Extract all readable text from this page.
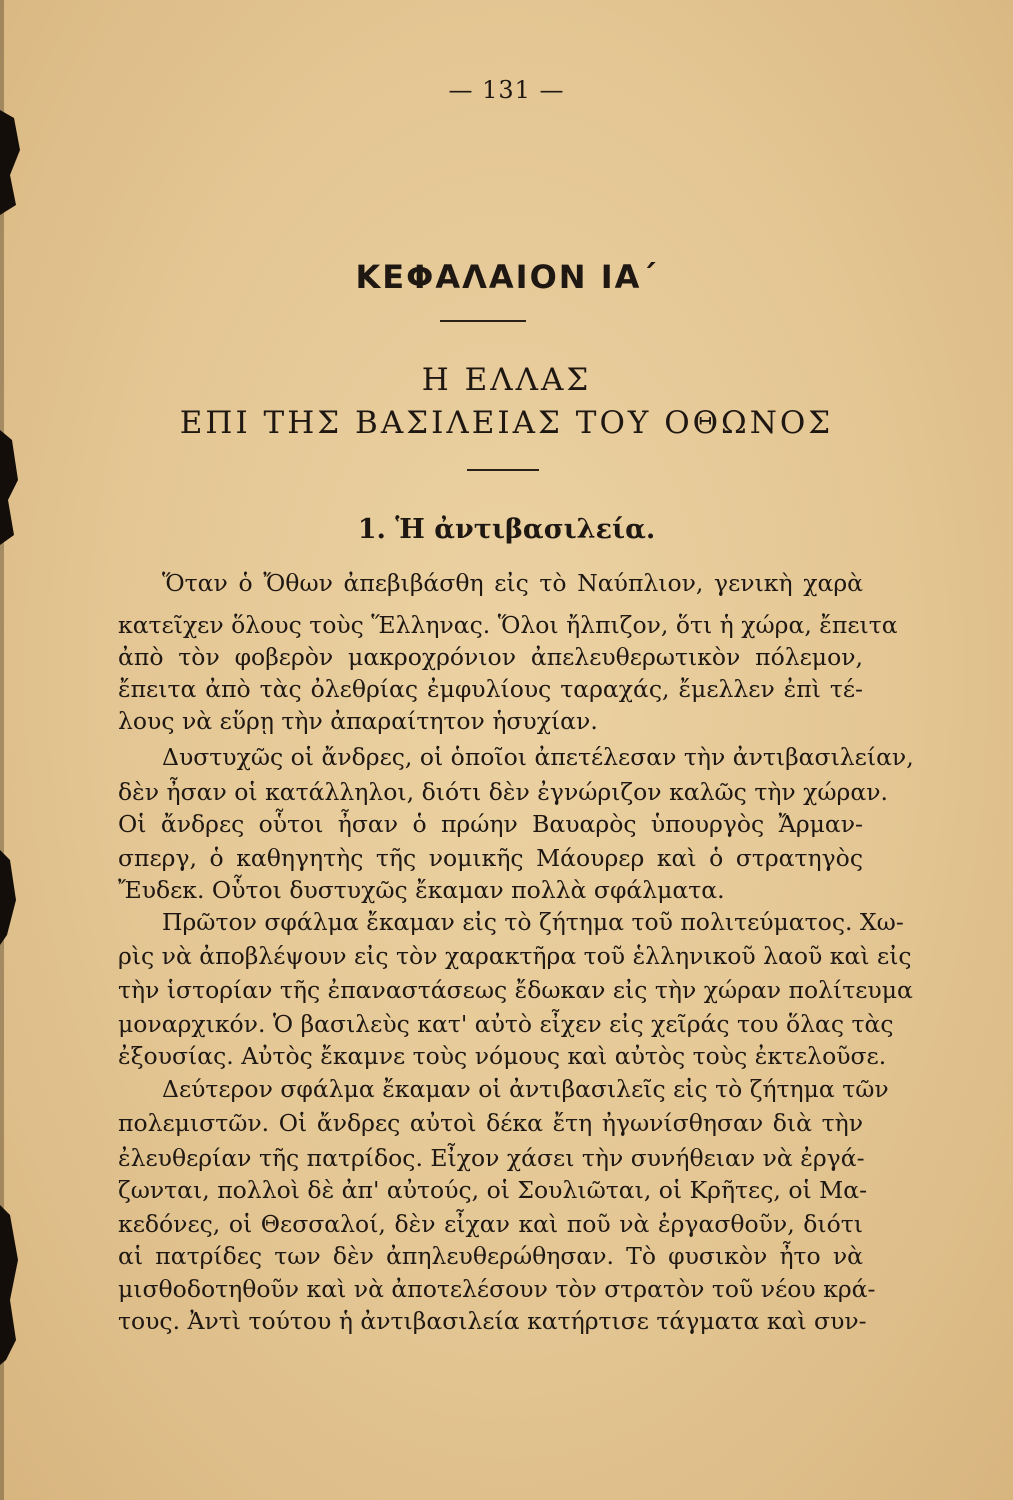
— 131 —
ΚΕΦΑΛΑΙΟΝ ΙΑ΄
Η ΕΛΛΑΣ
ΕΠΙ ΤΗΣ ΒΑΣΙΛΕΙΑΣ ΤΟΥ ΟΘΩΝΟΣ
1. Ἡ ἀντιβασιλεία.
Ὅταν ὁ Ὄθων ἀπεβιβάσθη εἰς τὸ Ναύπλιον, γενικὴ χαρὰ
κατεῖχεν ὅλους τοὺς Ἕλληνας. Ὅλοι ἤλπιζον, ὅτι ἡ χώρα, ἔπειτα
ἀπὸ τὸν φοβερὸν μακροχρόνιον ἀπελευθερωτικὸν πόλεμον,
ἔπειτα ἀπὸ τὰς ὀλεθρίας ἐμφυλίους ταραχάς, ἔμελλεν ἐπὶ τέ-
λους νὰ εὕρῃ τὴν ἀπαραίτητον ἡσυχίαν.
Δυστυχῶς οἱ ἄνδρες, οἱ ὁποῖοι ἀπετέλεσαν τὴν ἀντιβασιλείαν,
δὲν ἦσαν οἱ κατάλληλοι, διότι δὲν ἐγνώριζον καλῶς τὴν χώραν.
Οἱ ἄνδρες οὗτοι ἦσαν ὁ πρώην Βαυαρὸς ὑπουργὸς Ἄρμαν-
σπεργ, ὁ καθηγητὴς τῆς νομικῆς Μάουρερ καὶ ὁ στρατηγὸς
Ἔυδεκ. Οὗτοι δυστυχῶς ἔκαμαν πολλὰ σφάλματα.
Πρῶτον σφάλμα ἔκαμαν εἰς τὸ ζήτημα τοῦ πολιτεύματος. Χω-
ρὶς νὰ ἀποβλέψουν εἰς τὸν χαρακτῆρα τοῦ ἑλληνικοῦ λαοῦ καὶ εἰς
τὴν ἱστορίαν τῆς ἐπαναστάσεως ἔδωκαν εἰς τὴν χώραν πολίτευμα
μοναρχικόν. Ὁ βασιλεὺς κατ' αὐτὸ εἶχεν εἰς χεῖράς του ὅλας τὰς
ἐξουσίας. Αὐτὸς ἔκαμνε τοὺς νόμους καὶ αὐτὸς τοὺς ἐκτελοῦσε.
Δεύτερον σφάλμα ἔκαμαν οἱ ἀντιβασιλεῖς εἰς τὸ ζήτημα τῶν
πολεμιστῶν. Οἱ ἄνδρες αὐτοὶ δέκα ἔτη ἠγωνίσθησαν διὰ τὴν
ἐλευθερίαν τῆς πατρίδος. Εἶχον χάσει τὴν συνήθειαν νὰ ἐργά-
ζωνται, πολλοὶ δὲ ἀπ' αὐτούς, οἱ Σουλιῶται, οἱ Κρῆτες, οἱ Μα-
κεδόνες, οἱ Θεσσαλοί, δὲν εἶχαν καὶ ποῦ νὰ ἐργασθοῦν, διότι
αἱ πατρίδες των δὲν ἀπηλευθερώθησαν. Τὸ φυσικὸν ἦτο νὰ
μισθοδοτηθοῦν καὶ νὰ ἀποτελέσουν τὸν στρατὸν τοῦ νέου κρά-
τους. Ἀντὶ τούτου ἡ ἀντιβασιλεία κατήρτισε τάγματα καὶ συν-
